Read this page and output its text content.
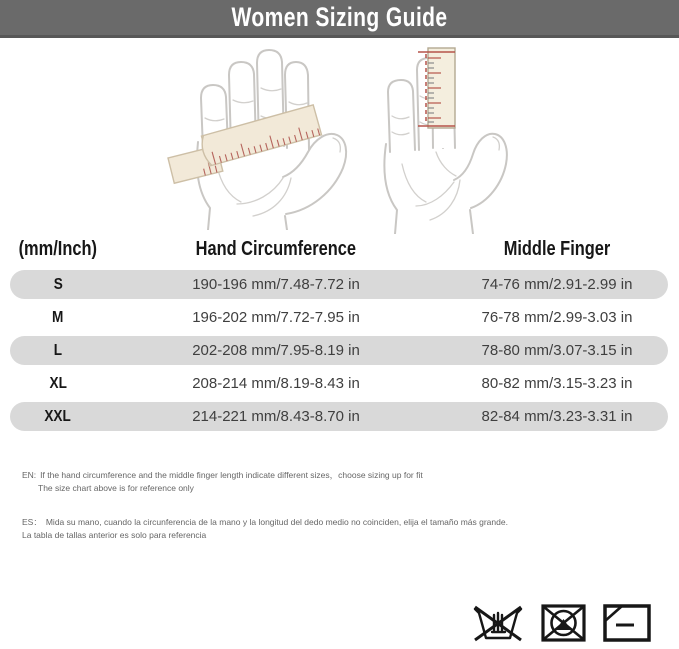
Women Sizing Guide
(mm/Inch)	Hand Circumference	Middle Finger
S	190-196 mm/7.48-7.72 in	74-76 mm/2.91-2.99 in
M	196-202 mm/7.72-7.95 in	76-78 mm/2.99-3.03 in
L	202-208 mm/7.95-8.19 in	78-80 mm/3.07-3.15 in
XL	208-214 mm/8.19-8.43 in	80-82 mm/3.15-3.23 in
XXL	214-221 mm/8.43-8.70 in	82-84 mm/3.23-3.31 in
EN: If the hand circumference and the middle finger length indicate different sizes，choose sizing up for fit
The size chart above is for reference only
ES： Mida su mano, cuando la circunferencia de la mano y la longitud del dedo medio no coinciden, elija el tamaño más grande.
La tabla de tallas anterior es solo para referencia
